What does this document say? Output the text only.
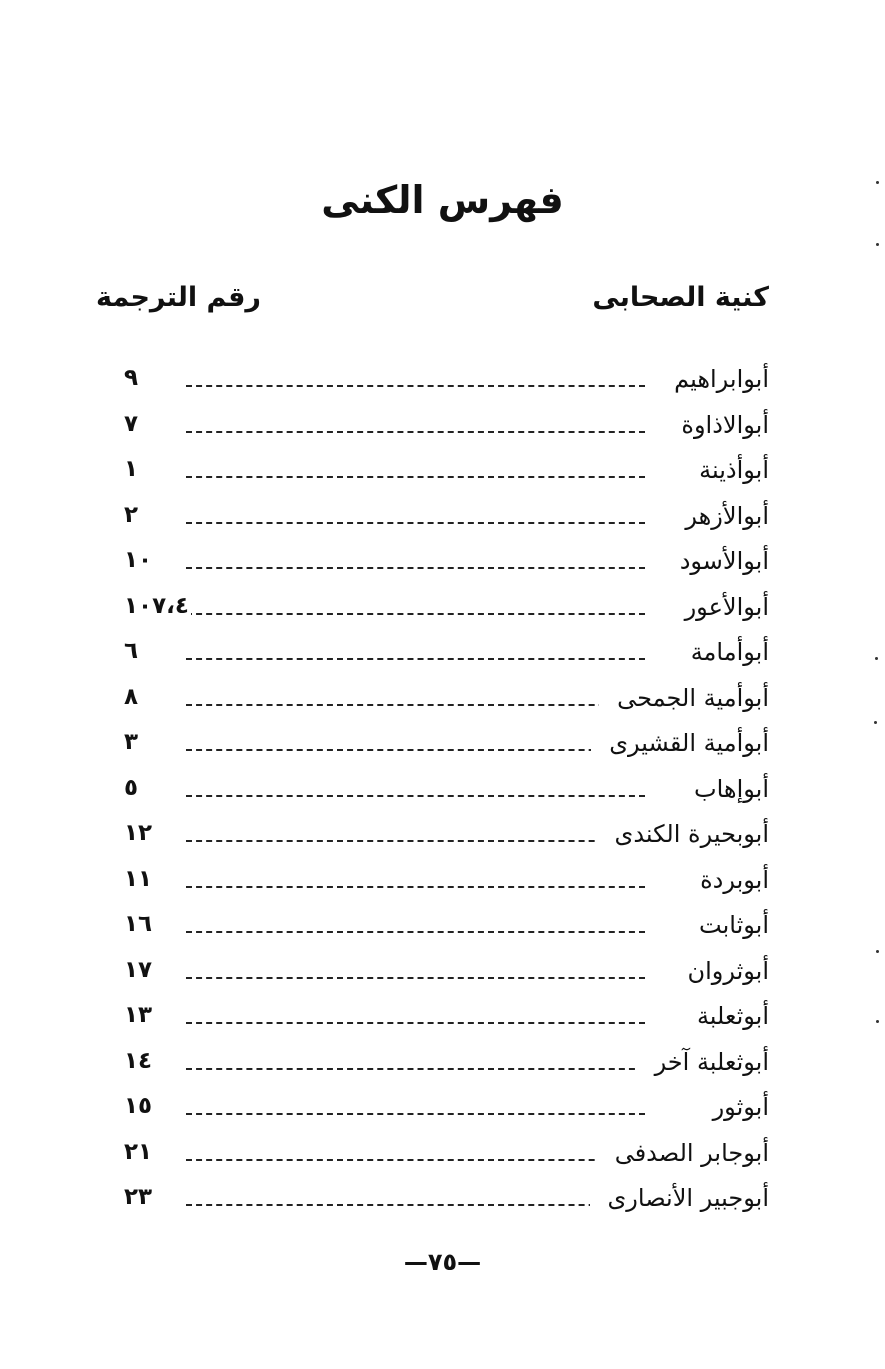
فهرس الكنى
كنية الصحابى
رقم الترجمة
أبوابراهيم
٩
أبوالاذاوة
٧
أبوأذينة
١
أبوالأزهر
٢
أبوالأسود
١٠
أبوالأعور
١٠٧،٤
أبوأمامة
٦
أبوأمية الجمحى
٨
أبوأمية القشيرى
٣
أبوإهاب
٥
أبوبحيرة الكندى
١٢
أبوبردة
١١
أبوثابت
١٦
أبوثروان
١٧
أبوثعلبة
١٣
أبوثعلبة آخر
١٤
أبوثور
١٥
أبوجابر الصدفى
٢١
أبوجبير الأنصارى
٢٣
—٧٥—
